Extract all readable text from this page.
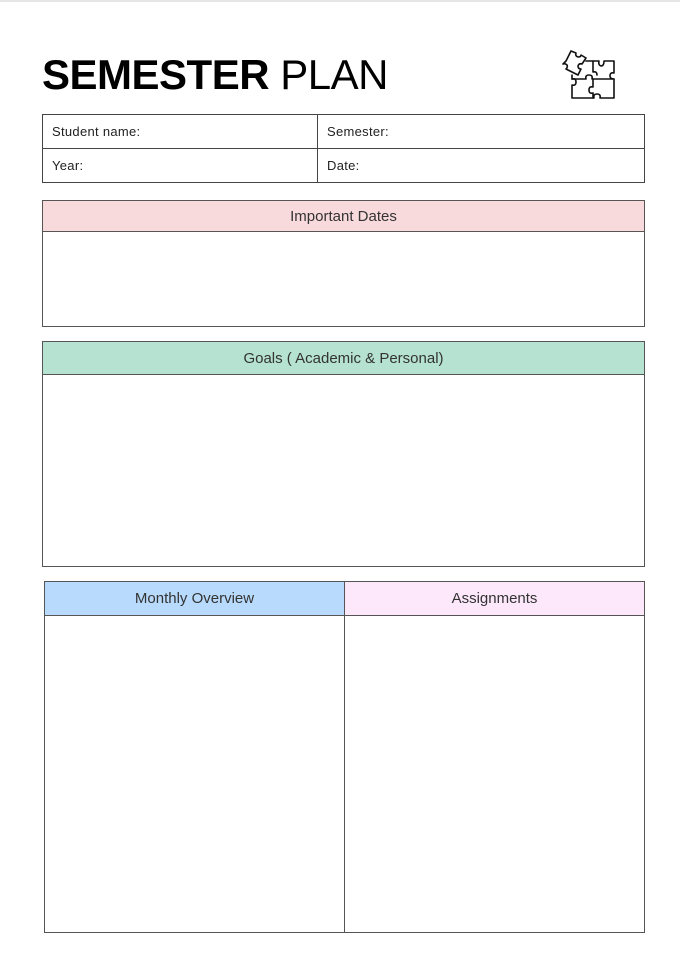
SEMESTER PLAN
Student name:	Semester:
Year:	Date:
Important Dates
Goals ( Academic & Personal)
Monthly Overview	Assignments
